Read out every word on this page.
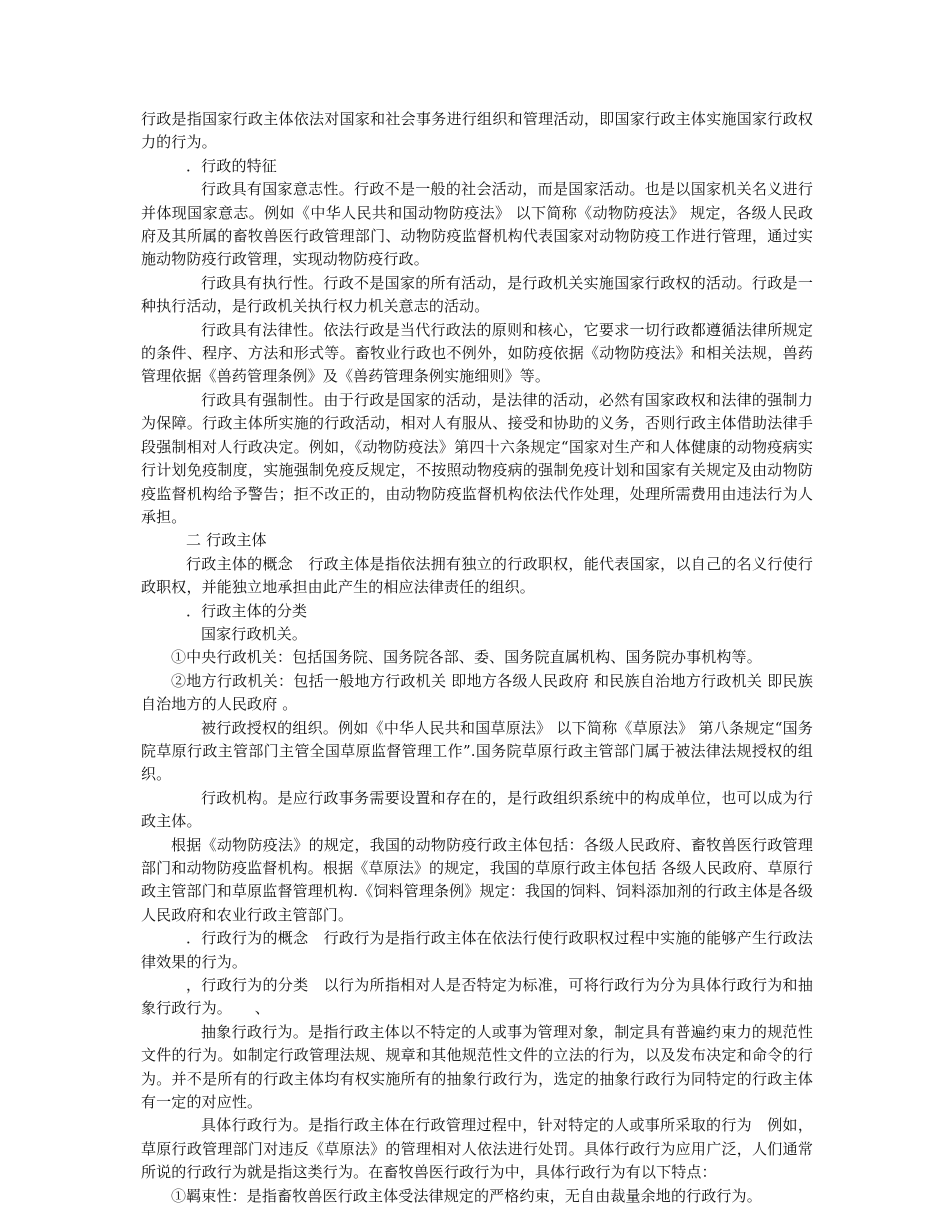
行政是指国家行政主体依法对国家和社会事务进行组织和管理活动，即国家行政主体实施国家行政权力的行为。

．行政的特征

行政具有国家意志性。行政不是一般的社会活动，而是国家活动。也是以国家机关名义进行并体现国家意志。例如《中华人民共和国动物防疫法》 以下简称《动物防疫法》 规定，各级人民政府及其所属的畜牧兽医行政管理部门、动物防疫监督机构代表国家对动物防疫工作进行管理，通过实施动物防疫行政管理，实现动物防疫行政。

行政具有执行性。行政不是国家的所有活动，是行政机关实施国家行政权的活动。行政是一种执行活动，是行政机关执行权力机关意志的活动。

行政具有法律性。依法行政是当代行政法的原则和核心，它要求一切行政都遵循法律所规定的条件、程序、方法和形式等。畜牧业行政也不例外，如防疫依据《动物防疫法》和相关法规，兽药管理依据《兽药管理条例》及《兽药管理条例实施细则》等。

行政具有强制性。由于行政是国家的活动，是法律的活动，必然有国家政权和法律的强制力为保障。行政主体所实施的行政活动，相对人有服从、接受和协助的义务，否则行政主体借助法律手段强制相对人行政决定。例如，《动物防疫法》第四十六条规定“国家对生产和人体健康的动物疫病实行计划免疫制度，实施强制免疫反规定，不按照动物疫病的强制免疫计划和国家有关规定及由动物防疫监督机构给予警告；拒不改正的，由动物防疫监督机构依法代作处理，处理所需费用由违法行为人承担。

二 行政主体

行政主体的概念　行政主体是指依法拥有独立的行政职权，能代表国家，以自己的名义行使行政职权，并能独立地承担由此产生的相应法律责任的组织。

．行政主体的分类

国家行政机关。

①中央行政机关：包括国务院、国务院各部、委、国务院直属机构、国务院办事机构等。

②地方行政机关：包括一般地方行政机关 即地方各级人民政府 和民族自治地方行政机关 即民族自治地方的人民政府 。

被行政授权的组织。例如《中华人民共和国草原法》 以下简称《草原法》 第八条规定“国务院草原行政主管部门主管全国草原监督管理工作”.国务院草原行政主管部门属于被法律法规授权的组织。

行政机构。是应行政事务需要设置和存在的，是行政组织系统中的构成单位，也可以成为行政主体。

根据《动物防疫法》的规定，我国的动物防疫行政主体包括：各级人民政府、畜牧兽医行政管理部门和动物防疫监督机构。根据《草原法》的规定，我国的草原行政主体包括 各级人民政府、草原行政主管部门和草原监督管理机构.《饲料管理条例》规定：我国的饲料、饲料添加剂的行政主体是各级人民政府和农业行政主管部门。

．行政行为的概念　行政行为是指行政主体在依法行使行政职权过程中实施的能够产生行政法律效果的行为。

，行政行为的分类　以行为所指相对人是否特定为标准，可将行政行为分为具体行政行为和抽象行政行为。　　、

抽象行政行为。是指行政主体以不特定的人或事为管理对象，制定具有普遍约束力的规范性文件的行为。如制定行政管理法规、规章和其他规范性文件的立法的行为，以及发布决定和命令的行为。并不是所有的行政主体均有权实施所有的抽象行政行为，选定的抽象行政行为同特定的行政主体有一定的对应性。

具体行政行为。是指行政主体在行政管理过程中，针对特定的人或事所采取的行为　例如，草原行政管理部门对违反《草原法》的管理相对人依法进行处罚。具体行政行为应用广泛，人们通常所说的行政行为就是指这类行为。在畜牧兽医行政行为中，具体行政行为有以下特点：

①羁束性：是指畜牧兽医行政主体受法律规定的严格约束，无自由裁量余地的行政行为。
